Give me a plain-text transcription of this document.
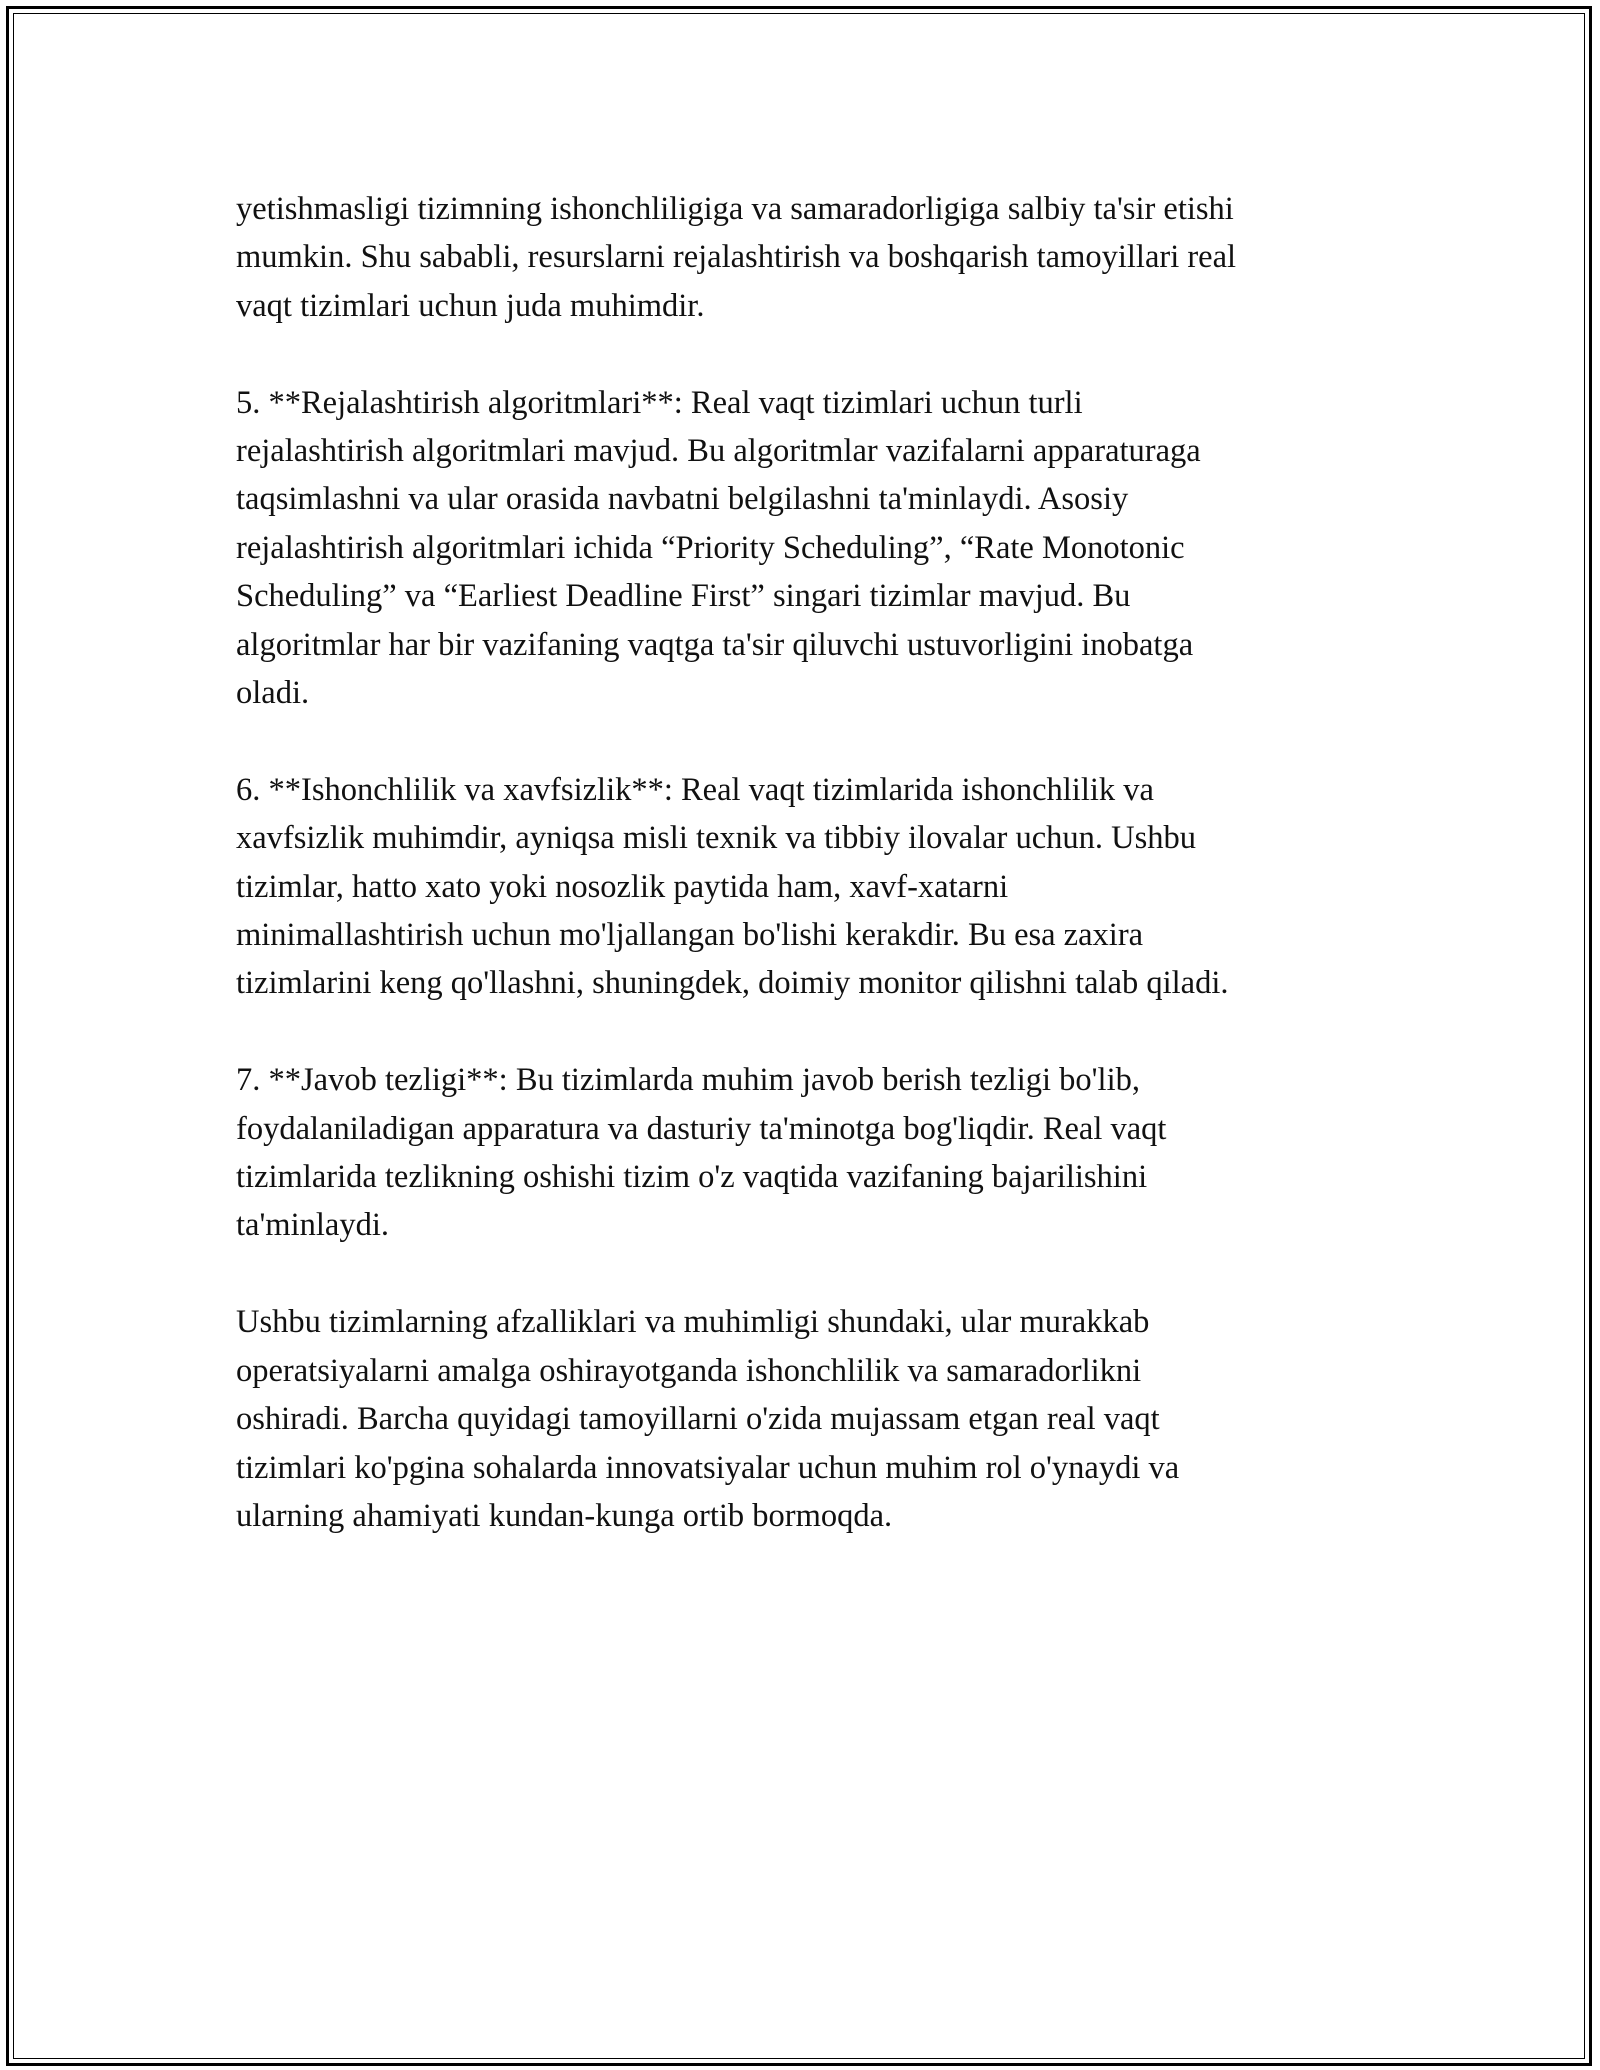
yetishmasligi tizimning ishonchliligiga va samaradorligiga salbiy ta'sir etishi
mumkin. Shu sababli, resurslarni rejalashtirish va boshqarish tamoyillari real
vaqt tizimlari uchun juda muhimdir.

5. **Rejalashtirish algoritmlari**: Real vaqt tizimlari uchun turli
rejalashtirish algoritmlari mavjud. Bu algoritmlar vazifalarni apparaturaga
taqsimlashni va ular orasida navbatni belgilashni ta'minlaydi. Asosiy
rejalashtirish algoritmlari ichida “Priority Scheduling”, “Rate Monotonic
Scheduling” va “Earliest Deadline First” singari tizimlar mavjud. Bu
algoritmlar har bir vazifaning vaqtga ta'sir qiluvchi ustuvorligini inobatga
oladi.

6. **Ishonchlilik va xavfsizlik**: Real vaqt tizimlarida ishonchlilik va
xavfsizlik muhimdir, ayniqsa misli texnik va tibbiy ilovalar uchun. Ushbu
tizimlar, hatto xato yoki nosozlik paytida ham, xavf-xatarni
minimallashtirish uchun mo'ljallangan bo'lishi kerakdir. Bu esa zaxira
tizimlarini keng qo'llashni, shuningdek, doimiy monitor qilishni talab qiladi.

7. **Javob tezligi**: Bu tizimlarda muhim javob berish tezligi bo'lib,
foydalaniladigan apparatura va dasturiy ta'minotga bog'liqdir. Real vaqt
tizimlarida tezlikning oshishi tizim o'z vaqtida vazifaning bajarilishini
ta'minlaydi.

Ushbu tizimlarning afzalliklari va muhimligi shundaki, ular murakkab
operatsiyalarni amalga oshirayotganda ishonchlilik va samaradorlikni
oshiradi. Barcha quyidagi tamoyillarni o'zida mujassam etgan real vaqt
tizimlari ko'pgina sohalarda innovatsiyalar uchun muhim rol o'ynaydi va
ularning ahamiyati kundan-kunga ortib bormoqda.
